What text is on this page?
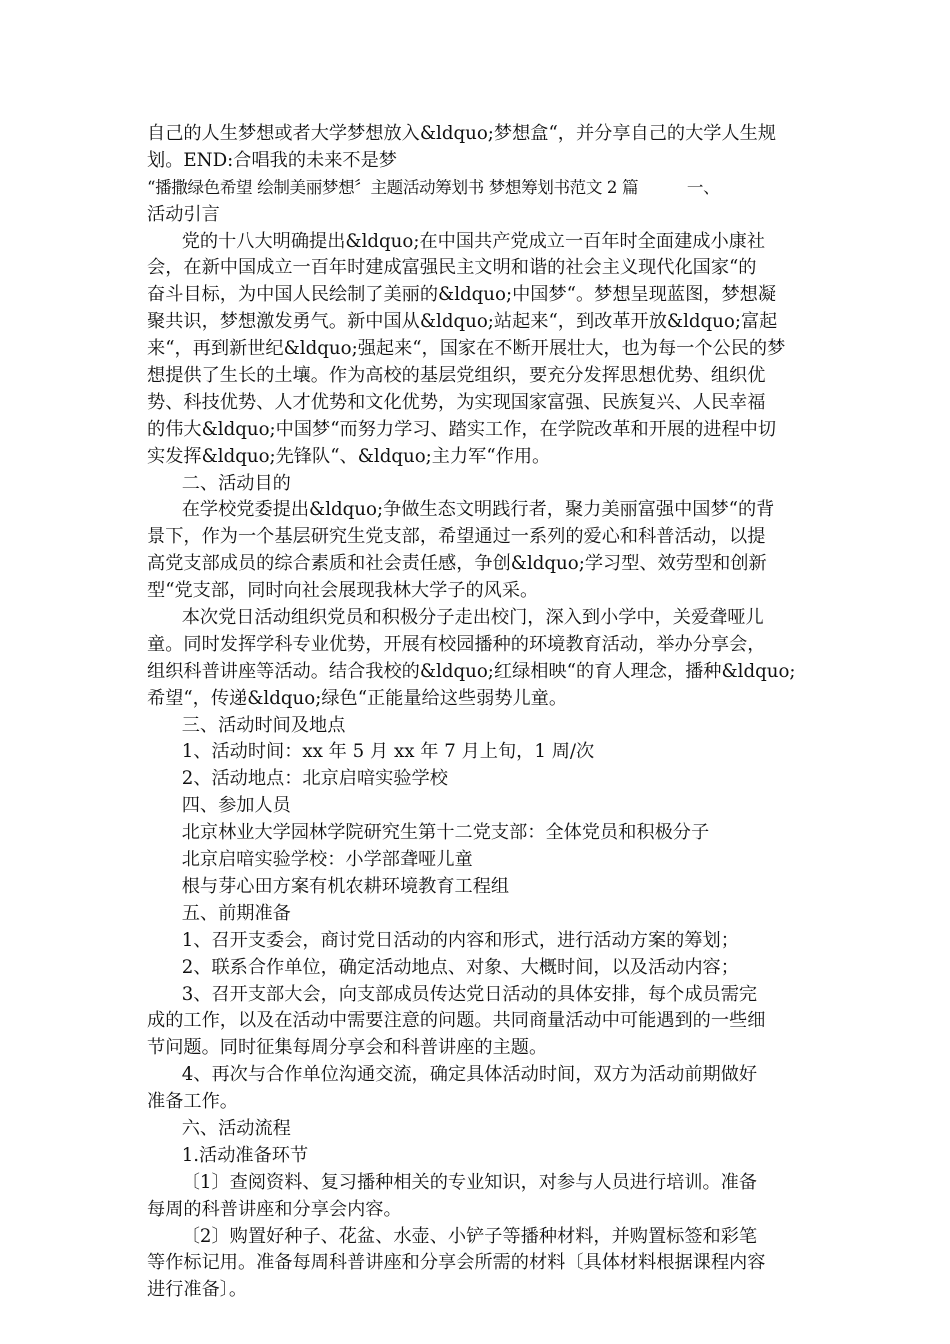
自己的人生梦想或者大学梦想放入&ldquo;梦想盒“，并分享自己的大学人生规
划。END:合唱我的未来不是梦
“播撒绿色希望 绘制美丽梦想〞主题活动筹划书 梦想筹划书范文 2 篇          一、
活动引言
党的十八大明确提出&ldquo;在中国共产党成立一百年时全面建成小康社
会，在新中国成立一百年时建成富强民主文明和谐的社会主义现代化国家“的
奋斗目标，为中国人民绘制了美丽的&ldquo;中国梦“。梦想呈现蓝图，梦想凝
聚共识，梦想激发勇气。新中国从&ldquo;站起来“，到改革开放&ldquo;富起
来“，再到新世纪&ldquo;强起来“，国家在不断开展壮大，也为每一个公民的梦
想提供了生长的土壤。作为高校的基层党组织，要充分发挥思想优势、组织优
势、科技优势、人才优势和文化优势，为实现国家富强、民族复兴、人民幸福
的伟大&ldquo;中国梦“而努力学习、踏实工作，在学院改革和开展的进程中切
实发挥&ldquo;先锋队“、&ldquo;主力军“作用。
二、活动目的
在学校党委提出&ldquo;争做生态文明践行者，聚力美丽富强中国梦“的背
景下，作为一个基层研究生党支部，希望通过一系列的爱心和科普活动，以提
高党支部成员的综合素质和社会责任感，争创&ldquo;学习型、效劳型和创新
型“党支部，同时向社会展现我林大学子的风采。
本次党日活动组织党员和积极分子走出校门，深入到小学中，关爱聋哑儿
童。同时发挥学科专业优势，开展有校园播种的环境教育活动，举办分享会，
组织科普讲座等活动。结合我校的&ldquo;红绿相映“的育人理念，播种&ldquo;
希望“，传递&ldquo;绿色“正能量给这些弱势儿童。
三、活动时间及地点
1、活动时间：xx 年 5 月 xx 年 7 月上旬，1 周/次
2、活动地点：北京启喑实验学校
四、参加人员
北京林业大学园林学院研究生第十二党支部：全体党员和积极分子
北京启喑实验学校：小学部聋哑儿童
根与芽心田方案有机农耕环境教育工程组
五、前期准备
1、召开支委会，商讨党日活动的内容和形式，进行活动方案的筹划；
2、联系合作单位，确定活动地点、对象、大概时间，以及活动内容；
3、召开支部大会，向支部成员传达党日活动的具体安排，每个成员需完
成的工作，以及在活动中需要注意的问题。共同商量活动中可能遇到的一些细
节问题。同时征集每周分享会和科普讲座的主题。
4、再次与合作单位沟通交流，确定具体活动时间，双方为活动前期做好
准备工作。
六、活动流程
1.活动准备环节
〔1〕查阅资料、复习播种相关的专业知识，对参与人员进行培训。准备
每周的科普讲座和分享会内容。
〔2〕购置好种子、花盆、水壶、小铲子等播种材料，并购置标签和彩笔
等作标记用。准备每周科普讲座和分享会所需的材料〔具体材料根据课程内容
进行准备〕。
